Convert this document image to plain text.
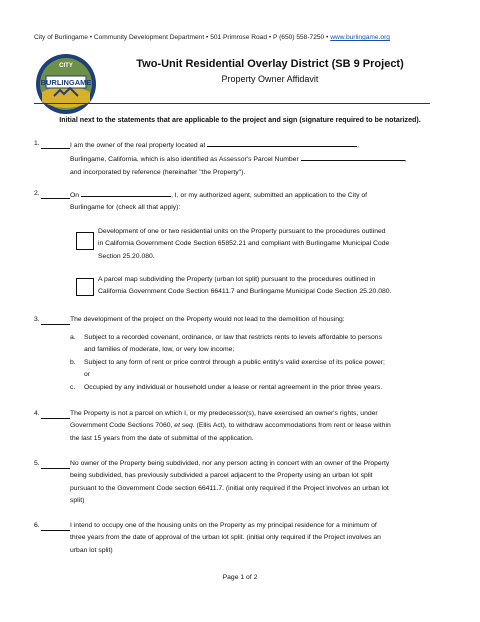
City of Burlingame • Community Development Department • 501 Primrose Road • P (650) 558-7250 • www.burlingame.org
BURLINGAME
CITY	Two-Unit Residential Overlay District (SB 9 Project)
Property Owner Affidavit
Initial next to the statements that are applicable to the project and sign (signature required to be notarized).
1.	I am the owner of the real property located at	,
Burlingame, California, which is also identified as Assessor's Parcel Number	,
and incorporated by reference (hereinafter "the Property").
2.	On	, I, or my authorized agent, submitted an application to the City of
Burlingame for (check all that apply):
Development of one or two residential units on the Property pursuant to the procedures outlined
in California Government Code Section 65852.21 and compliant with Burlingame Municipal Code
Section 25.20.080.
A parcel map subdividing the Property (urban lot split) pursuant to the procedures outlined in
California Government Code Section 66411.7 and Burlingame Municipal Code Section 25.20.080.
3.	The development of the project on the Property would not lead to the demolition of housing:
a. Subject to a recorded covenant, ordinance, or law that restricts rents to levels affordable to persons
and families of moderate, low, or very low income;
b. Subject to any form of rent or price control through a public entity's valid exercise of its police power;
or
c. Occupied by any individual or household under a lease or rental agreement in the prior three years.
4.	The Property is not a parcel on which I, or my predecessor(s), have exercised an owner's rights, under
Government Code Sections 7060, et seq. (Ellis Act), to withdraw accommodations from rent or lease within
the last 15 years from the date of submittal of the application.
5.	No owner of the Property being subdivided, nor any person acting in concert with an owner of the Property
being subdivided, has previously subdivided a parcel adjacent to the Property using an urban lot split
pursuant to the Government Code section 66411.7. (initial only required if the Project involves an urban lot
split)
6.	I intend to occupy one of the housing units on the Property as my principal residence for a minimum of
three years from the date of approval of the urban lot split. (initial only required if the Project involves an
urban lot split)
Page 1 of 2
